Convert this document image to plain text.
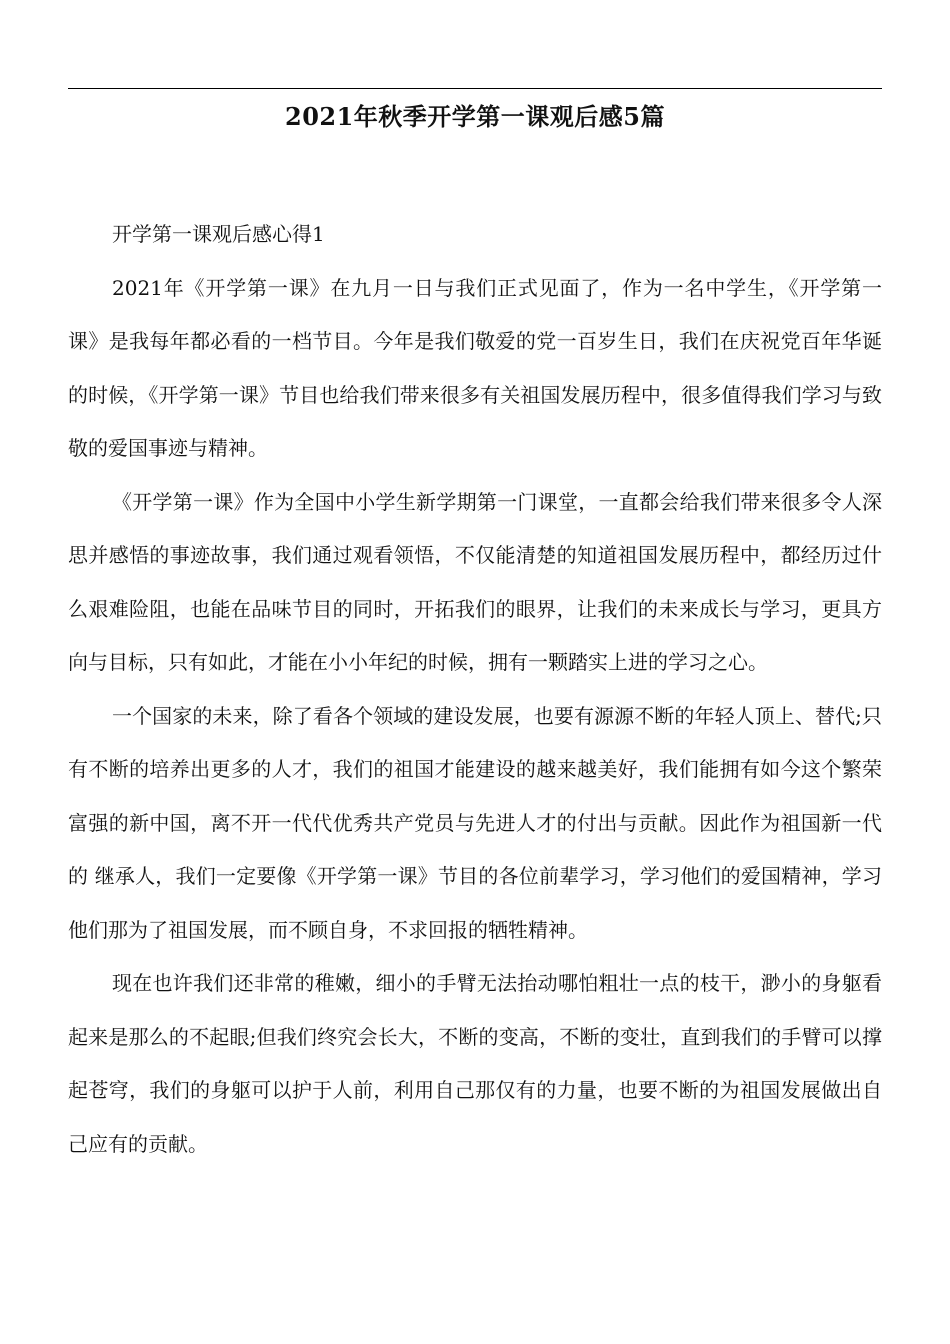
2021年秋季开学第一课观后感5篇

开学第一课观后感心得1

2021年《开学第一课》在九月一日与我们正式见面了，作为一名中学生，《开学第一课》是我每年都必看的一档节目。今年是我们敬爱的党一百岁生日，我们在庆祝党百年华诞的时候，《开学第一课》节目也给我们带来很多有关祖国发展历程中，很多值得我们学习与致敬的爱国事迹与精神。

《开学第一课》作为全国中小学生新学期第一门课堂，一直都会给我们带来很多令人深思并感悟的事迹故事，我们通过观看领悟，不仅能清楚的知道祖国发展历程中，都经历过什么艰难险阻，也能在品味节目的同时，开拓我们的眼界，让我们的未来成长与学习，更具方向与目标，只有如此，才能在小小年纪的时候，拥有一颗踏实上进的学习之心。

一个国家的未来，除了看各个领域的建设发展，也要有源源不断的年轻人顶上、替代;只有不断的培养出更多的人才，我们的祖国才能建设的越来越美好，我们能拥有如今这个繁荣富强的新中国，离不开一代代优秀共产党员与先进人才的付出与贡献。因此作为祖国新一代的 继承人，我们一定要像《开学第一课》节目的各位前辈学习，学习他们的爱国精神，学习他们那为了祖国发展，而不顾自身，不求回报的牺牲精神。

现在也许我们还非常的稚嫩，细小的手臂无法抬动哪怕粗壮一点的枝干，渺小的身躯看起来是那么的不起眼;但我们终究会长大，不断的变高，不断的变壮，直到我们的手臂可以撑起苍穹，我们的身躯可以护于人前，利用自己那仅有的力量，也要不断的为祖国发展做出自己应有的贡献。
